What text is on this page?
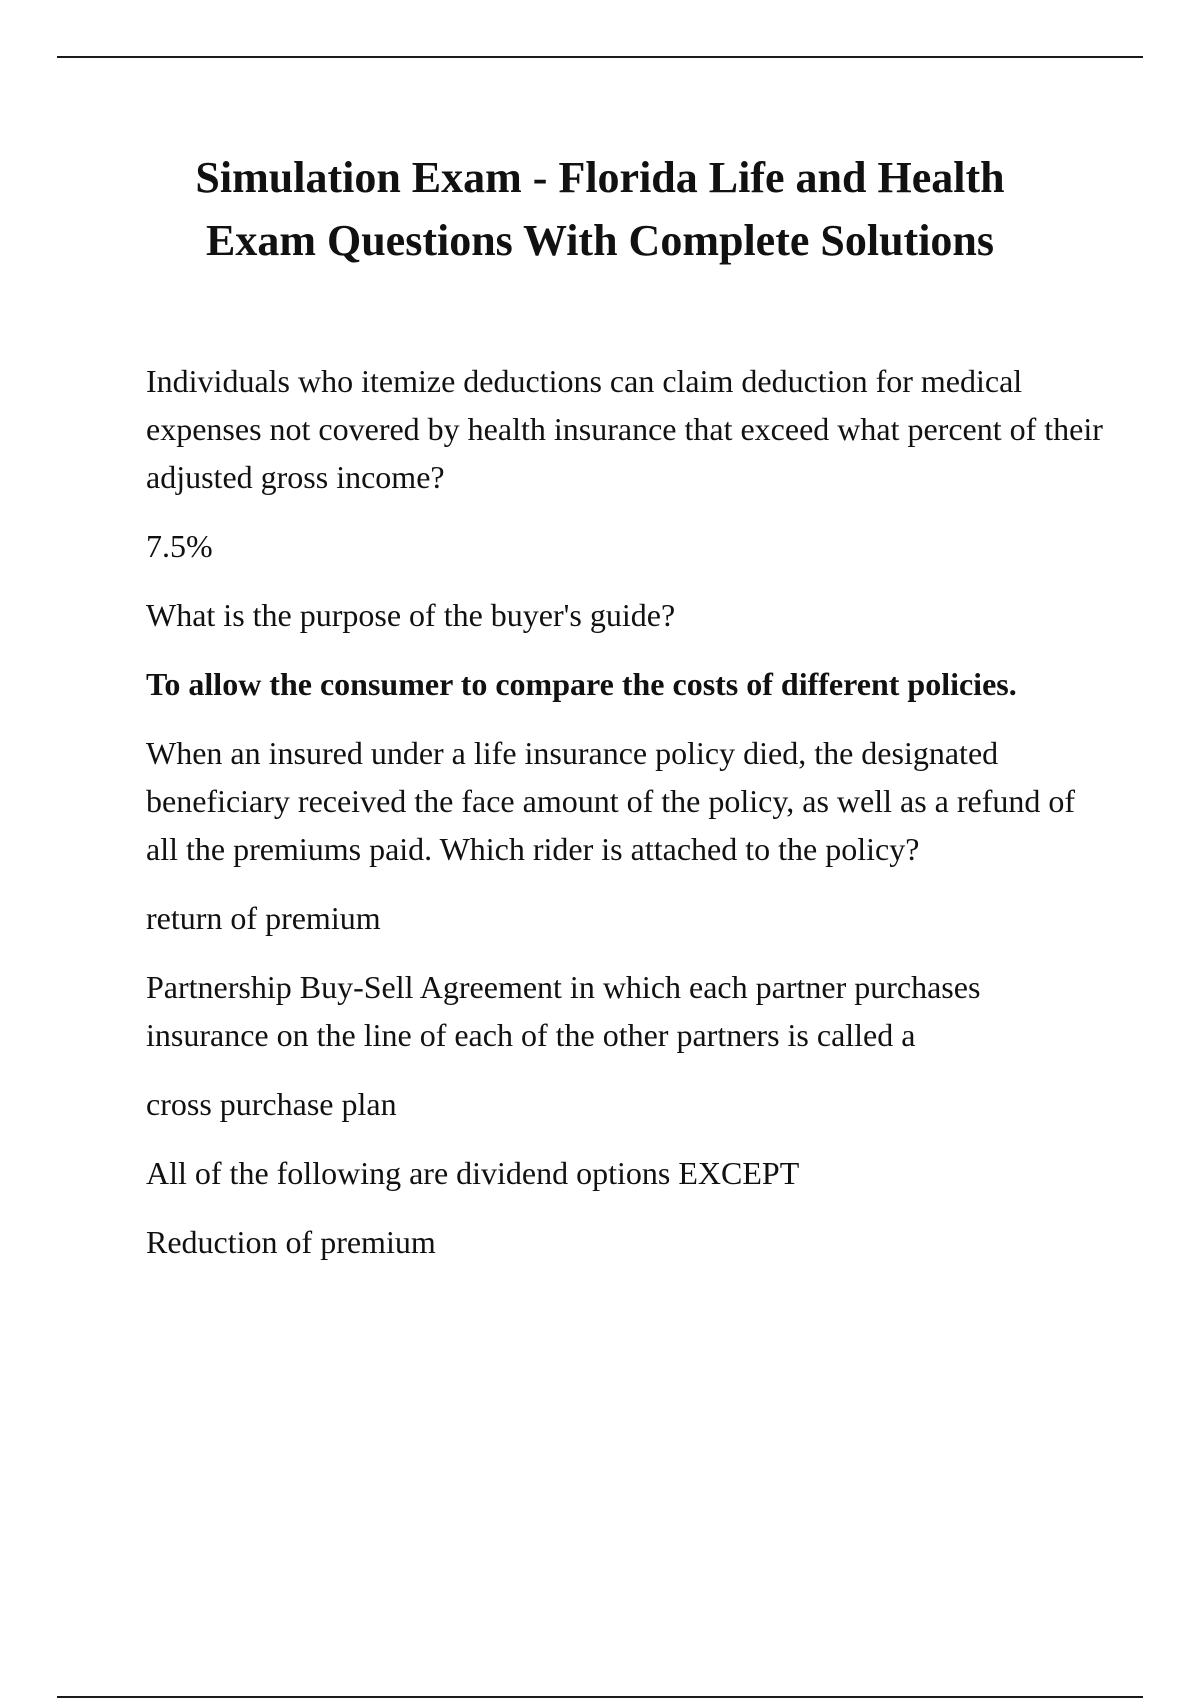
Simulation Exam - Florida Life and Health
Exam Questions With Complete Solutions

Individuals who itemize deductions can claim deduction for medical expenses not covered by health insurance that exceed what percent of their adjusted gross income?

7.5%

What is the purpose of the buyer's guide?

To allow the consumer to compare the costs of different policies.

When an insured under a life insurance policy died, the designated beneficiary received the face amount of the policy, as well as a refund of all the premiums paid. Which rider is attached to the policy?

return of premium

Partnership Buy-Sell Agreement in which each partner purchases insurance on the line of each of the other partners is called a

cross purchase plan

All of the following are dividend options EXCEPT

Reduction of premium
